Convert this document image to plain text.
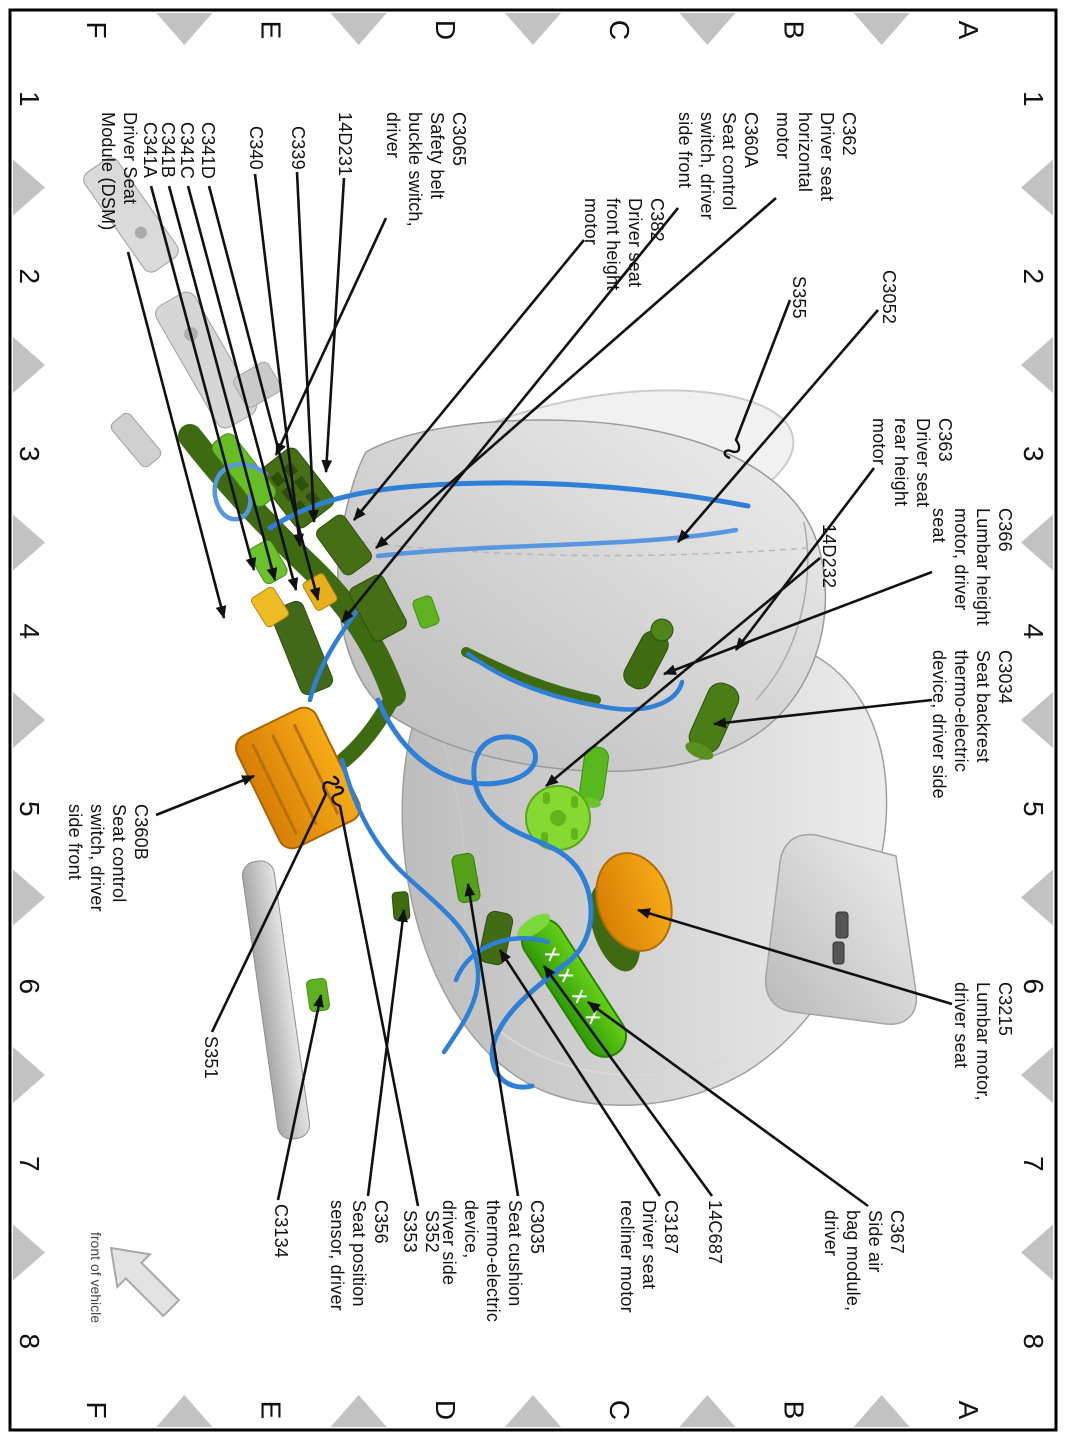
1
1
2
2
3
3
4
4
5
5
6
6
7
7
8
8
A
A
B
B
C
C
D
D
E
E
F
F
C362
Driver seat
horizontal
motor
C360A
Seat control
switch, driver
side front
C382
Driver seat
front height
motor
C3065
Safety belt
buckle switch,
driver
14D231
C339
C340
C341D
C341C
C341B
C341A
Driver Seat
Module (DSM)
S355	C3052
C363
Driver seat
rear height
motor
C366
Lumbar height
motor, driver
seat
14D232
C3034
Seat backrest
thermo-electric
device, driver side
C3215
Lumbar motor,
driver seat
C367
Side air
bag module,
driver
14C687
C3187
Driver seat
recliner motor
C3035
Seat cushion
thermo-electric
device,
driver side
S352
S353
C356
Seat position
sensor, driver
C3134
S351
C360B
Seat control
switch, driver
side front
front of vehicle
